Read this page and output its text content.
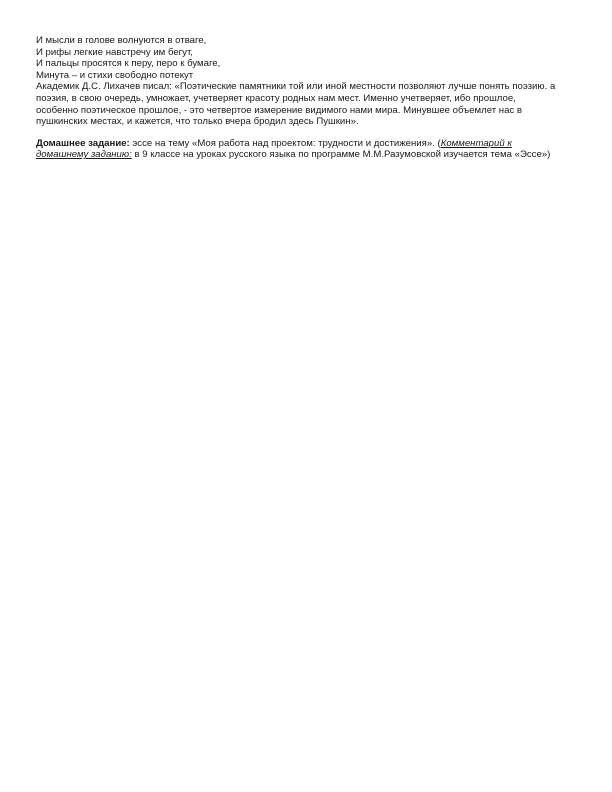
И мысли в голове волнуются в отваге,
И рифы легкие навстречу им бегут,
И пальцы просятся к перу, перо к бумаге,
Минута – и стихи свободно потекут

Академик Д.С. Лихачев писал: «Поэтические памятники той или иной местности позволяют лучше понять поэзию. а поэзия, в свою очередь, умножает, учетверяет красоту родных нам мест. Именно учетверяет, ибо прошлое, особенно поэтическое прошлое, - это четвертое измерение видимого нами мира. Минувшее объемлет нас в пушкинских местах, и кажется, что только вчера бродил здесь Пушкин».

Домашнее задание: эссе на тему «Моя работа над проектом: трудности и достижения». (Комментарий к домашнему заданию: в 9 классе на уроках русского языка по программе М.М.Разумовской изучается тема «Эссе»)
